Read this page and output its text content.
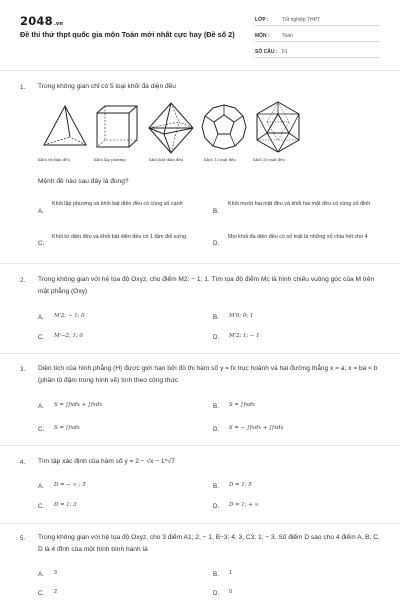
2048.vn
Đề thi thử thpt quốc gia môn Toán mới nhất cực hay (Đề số 2)
LỚP :	Tốt nghiệp THPT
MÔN : Toán
SỐ CÂU : 51
1. Trong không gian chỉ có 5 loại khối đa diện đều
Khối tứ diện đều	Khối lập phương	Khối bát diện đều	Khối 12 mặt đều	Khối 20 mặt đều
Mệnh đề nào sau đây là đúng?
A.
Khối lập phương và khối bát diện đều có cùng số cạnh
B.
Khối mười hai mặt đều và khối hai mặt đều có cùng số đỉnh
C.
Khối tứ diện đều và khối bát diện đều có 1 tâm đối xứng
D.
Mọi khối đa diện đều có số mặt là những số chia hết cho 4
2. Trong không gian với hệ tọa độ Oxyz, cho điểm M2; − 1; 1. Tìm tọa độ điểm Mᴄ là hình chiếu vuông góc của M trên mặt phẳng (Oxy)
A. M'2; − 1; 0	B. M'0; 0; 1
C. M'−2; 1; 0	D. M'2; 1; − 1
3. Diện tích của hình phẳng (H) được giới hạn bởi đồ thị hàm số y = fx trục hoành và hai đường thẳng x = a; x = ba < b (phần tô đậm trong hình vẽ) tính theo công thức
A. S = ∫fxdx + ∫fxdx	B. S = ∫fxdx
C. S = ∫fxdx	D. S = − ∫fxdx + ∫fxdx
4. Tìm tập xác định của hàm số y = 2 − √x − 1^√7
A. D = − ∞ ; 5	B. D = 1; 5
C. D = 1; 3	D. D = 1; + ∞
5. Trong không gian với hệ tọa độ Oxyz, cho 3 điểm A1; 2; − 1, B−3; 4; 3, C3; 1; − 3. Số điểm D sao cho 4 điểm A, B, C, D là 4 đỉnh của một hình bình hành là
A. 3	B. 1
C. 2	D. 0
